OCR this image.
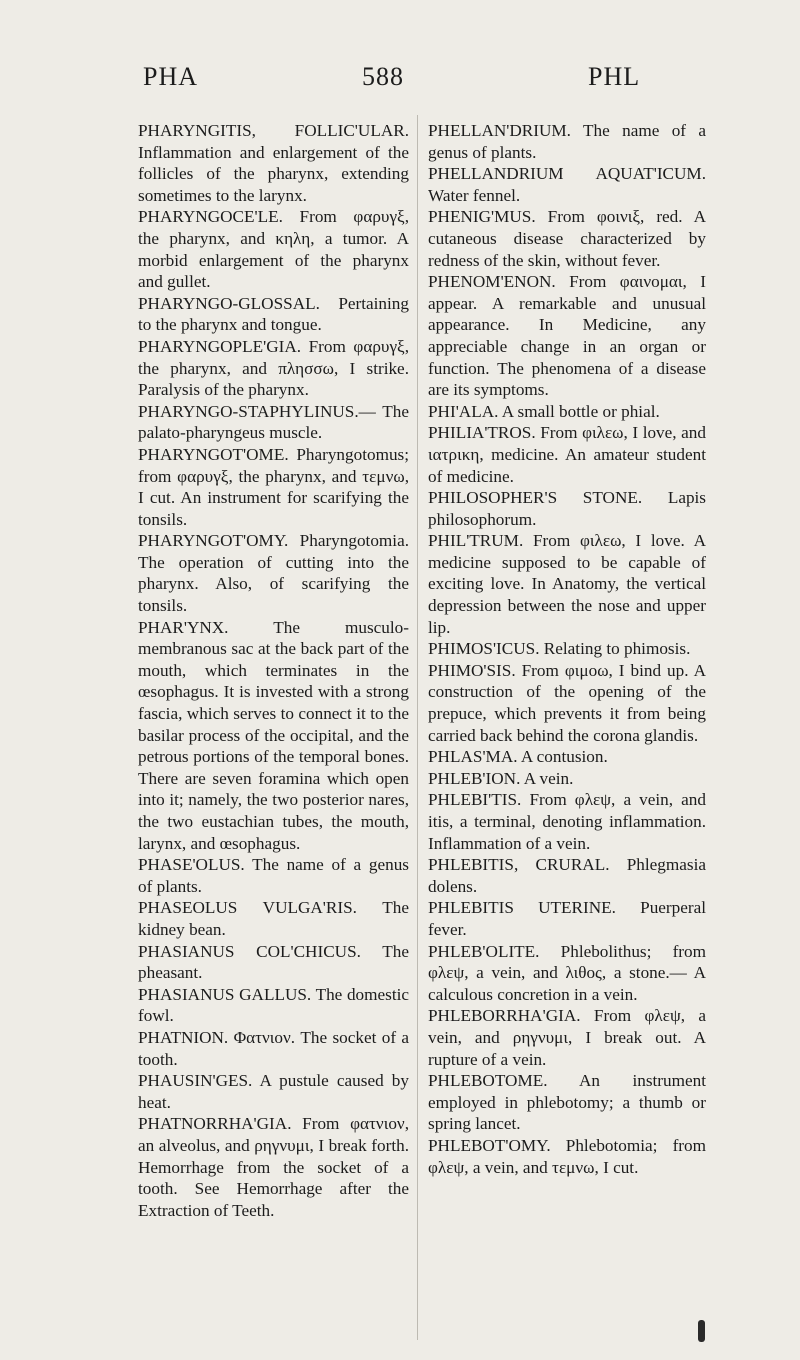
PHA	588	PHL

PHARYNGITIS, FOLLIC'ULAR. Inflammation and enlargement of the follicles of the pharynx, extending sometimes to the larynx.

PHARYNGOCE'LE. From φαρυγξ, the pharynx, and κηλη, a tumor. A morbid enlargement of the pharynx and gullet.

PHARYNGO-GLOSSAL. Pertaining to the pharynx and tongue.

PHARYNGOPLE'GIA. From φαρυγξ, the pharynx, and πλησσω, I strike. Paralysis of the pharynx.

PHARYNGO-STAPHYLINUS.— The palato-pharyngeus muscle.

PHARYNGOT'OME. Pharyngotomus; from φαρυγξ, the pharynx, and τεμνω, I cut. An instrument for scarifying the tonsils.

PHARYNGOT'OMY. Pharyngotomia. The operation of cutting into the pharynx. Also, of scarifying the tonsils.

PHAR'YNX. The musculo-membranous sac at the back part of the mouth, which terminates in the œsophagus. It is invested with a strong fascia, which serves to connect it to the basilar process of the occipital, and the petrous portions of the temporal bones. There are seven foramina which open into it; namely, the two posterior nares, the two eustachian tubes, the mouth, larynx, and œsophagus.

PHASE'OLUS. The name of a genus of plants.

PHASEOLUS VULGA'RIS. The kidney bean.

PHASIANUS COL'CHICUS. The pheasant.

PHASIANUS GALLUS. The domestic fowl.

PHATNION. Φατνιον. The socket of a tooth.

PHAUSIN'GES. A pustule caused by heat.

PHATNORRHA'GIA. From φατνιον, an alveolus, and ρηγνυμι, I break forth. Hemorrhage from the socket of a tooth. See Hemorrhage after the Extraction of Teeth.

PHELLAN'DRIUM. The name of a genus of plants.

PHELLANDRIUM AQUAT'ICUM. Water fennel.

PHENIG'MUS. From φοινιξ, red. A cutaneous disease characterized by redness of the skin, without fever.

PHENOM'ENON. From φαινομαι, I appear. A remarkable and unusual appearance. In Medicine, any appreciable change in an organ or function. The phenomena of a disease are its symptoms.

PHI'ALA. A small bottle or phial.

PHILIA'TROS. From φιλεω, I love, and ιατρικη, medicine. An amateur student of medicine.

PHILOSOPHER'S STONE. Lapis philosophorum.

PHIL'TRUM. From φιλεω, I love. A medicine supposed to be capable of exciting love. In Anatomy, the vertical depression between the nose and upper lip.

PHIMOS'ICUS. Relating to phimosis.

PHIMO'SIS. From φιμοω, I bind up. A construction of the opening of the prepuce, which prevents it from being carried back behind the corona glandis.

PHLAS'MA. A contusion.

PHLEB'ION. A vein.

PHLEBI'TIS. From φλεψ, a vein, and itis, a terminal, denoting inflammation. Inflammation of a vein.

PHLEBITIS, CRURAL. Phlegmasia dolens.

PHLEBITIS UTERINE. Puerperal fever.

PHLEB'OLITE. Phlebolithus; from φλεψ, a vein, and λιθος, a stone.— A calculous concretion in a vein.

PHLEBORRHA'GIA. From φλεψ, a vein, and ρηγνυμι, I break out. A rupture of a vein.

PHLEBOTOME. An instrument employed in phlebotomy; a thumb or spring lancet.

PHLEBOT'OMY. Phlebotomia; from φλεψ, a vein, and τεμνω, I cut.
